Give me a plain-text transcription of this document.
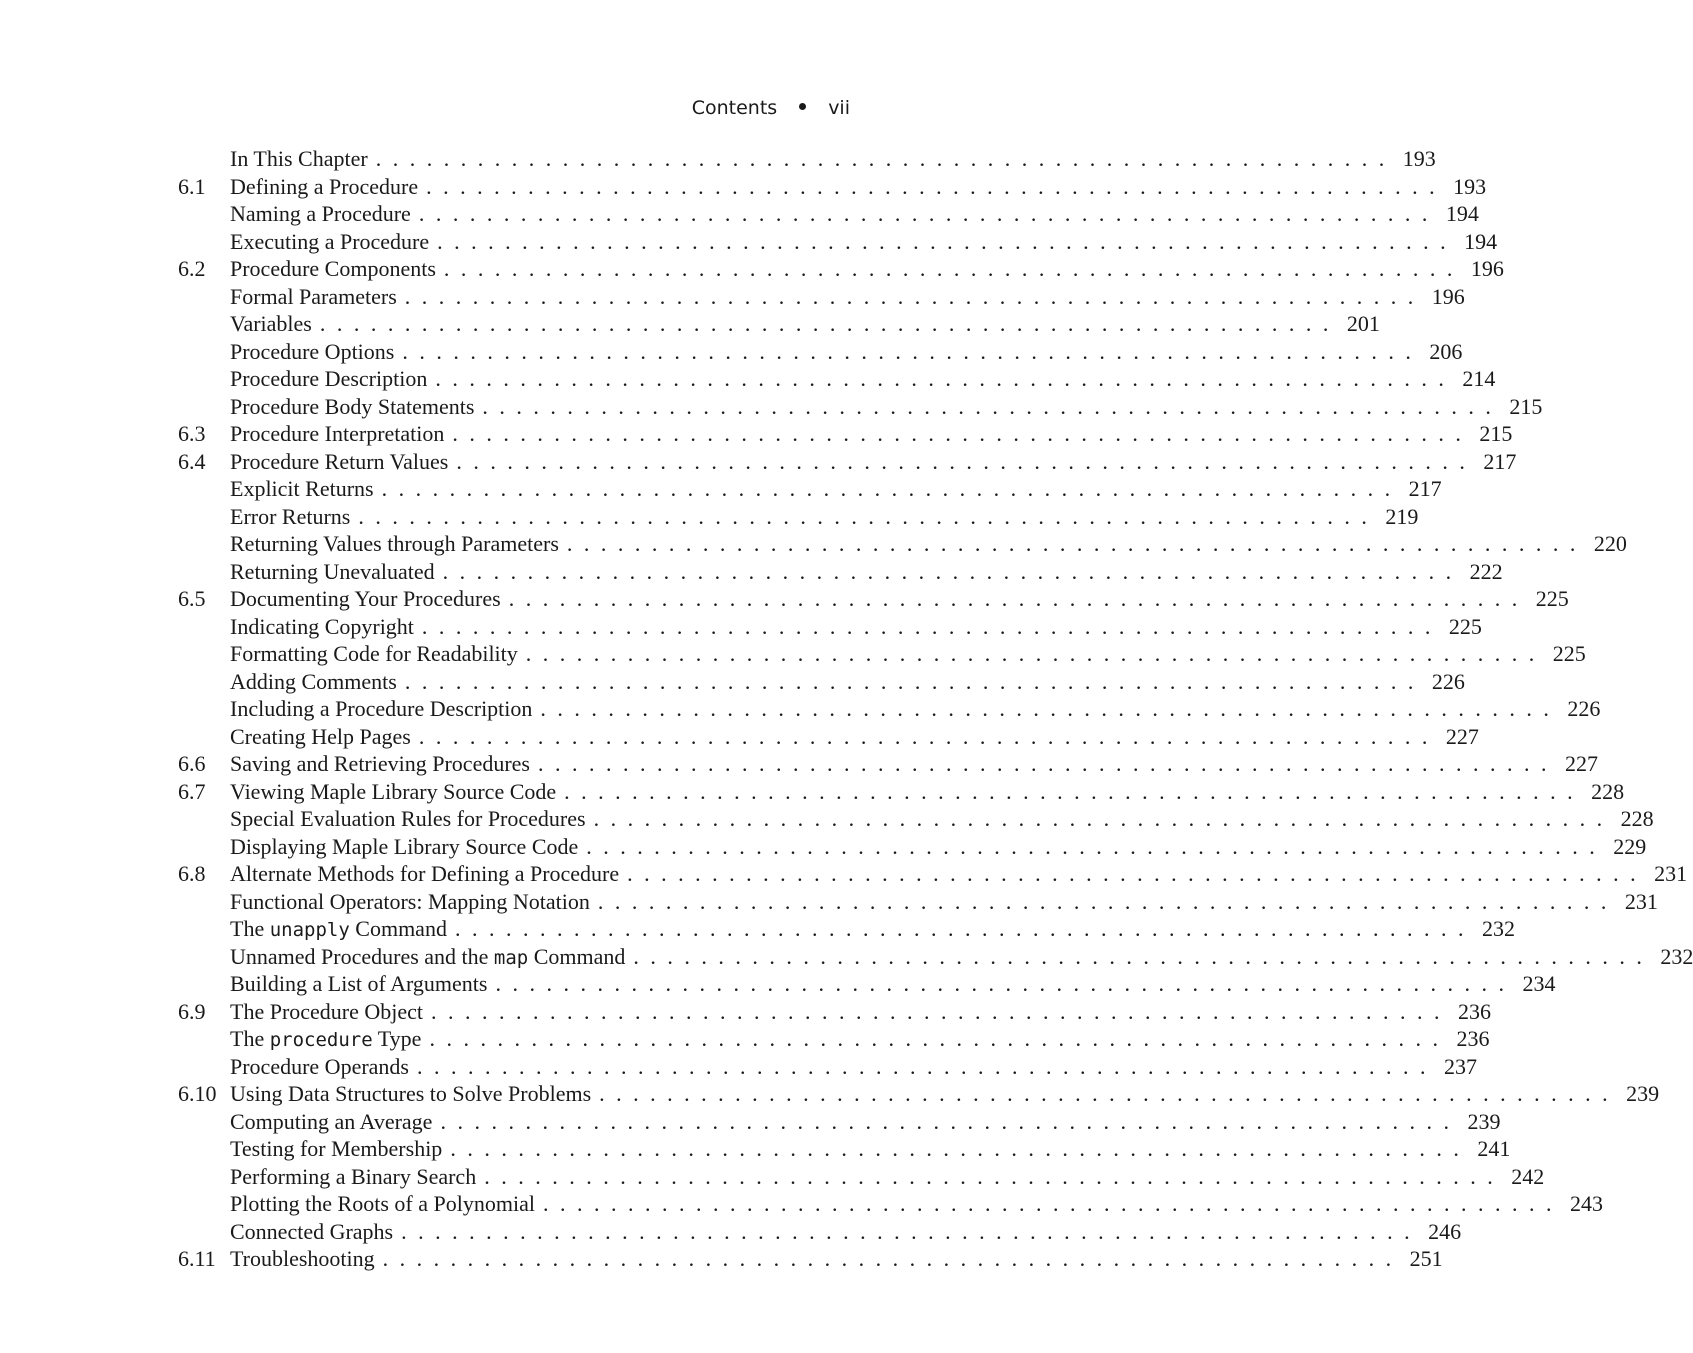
Contents	vii
In This Chapter ............................................................ 193
6.1	Defining a Procedure ............................................................ 193
Naming a Procedure ............................................................ 194
Executing a Procedure ............................................................ 194
6.2	Procedure Components ............................................................ 196
Formal Parameters ............................................................ 196
Variables ............................................................ 201
Procedure Options ............................................................ 206
Procedure Description ............................................................ 214
Procedure Body Statements ............................................................ 215
6.3	Procedure Interpretation ............................................................ 215
6.4	Procedure Return Values ............................................................ 217
Explicit Returns ............................................................ 217
Error Returns ............................................................ 219
Returning Values through Parameters ............................................................ 220
Returning Unevaluated ............................................................ 222
6.5	Documenting Your Procedures ............................................................ 225
Indicating Copyright ............................................................ 225
Formatting Code for Readability ............................................................ 225
Adding Comments ............................................................ 226
Including a Procedure Description ............................................................ 226
Creating Help Pages ............................................................ 227
6.6	Saving and Retrieving Procedures ............................................................ 227
6.7	Viewing Maple Library Source Code ............................................................ 228
Special Evaluation Rules for Procedures ............................................................ 228
Displaying Maple Library Source Code ............................................................ 229
6.8	Alternate Methods for Defining a Procedure ............................................................ 231
Functional Operators: Mapping Notation ............................................................ 231
The unapply Command ............................................................ 232
Unnamed Procedures and the map Command ............................................................ 232
Building a List of Arguments ............................................................ 234
6.9	The Procedure Object ............................................................ 236
The procedure Type ............................................................ 236
Procedure Operands ............................................................ 237
6.10 Using Data Structures to Solve Problems ............................................................ 239
Computing an Average ............................................................ 239
Testing for Membership ............................................................ 241
Performing a Binary Search ............................................................ 242
Plotting the Roots of a Polynomial ............................................................ 243
Connected Graphs ............................................................ 246
6.11 Troubleshooting ............................................................ 251
